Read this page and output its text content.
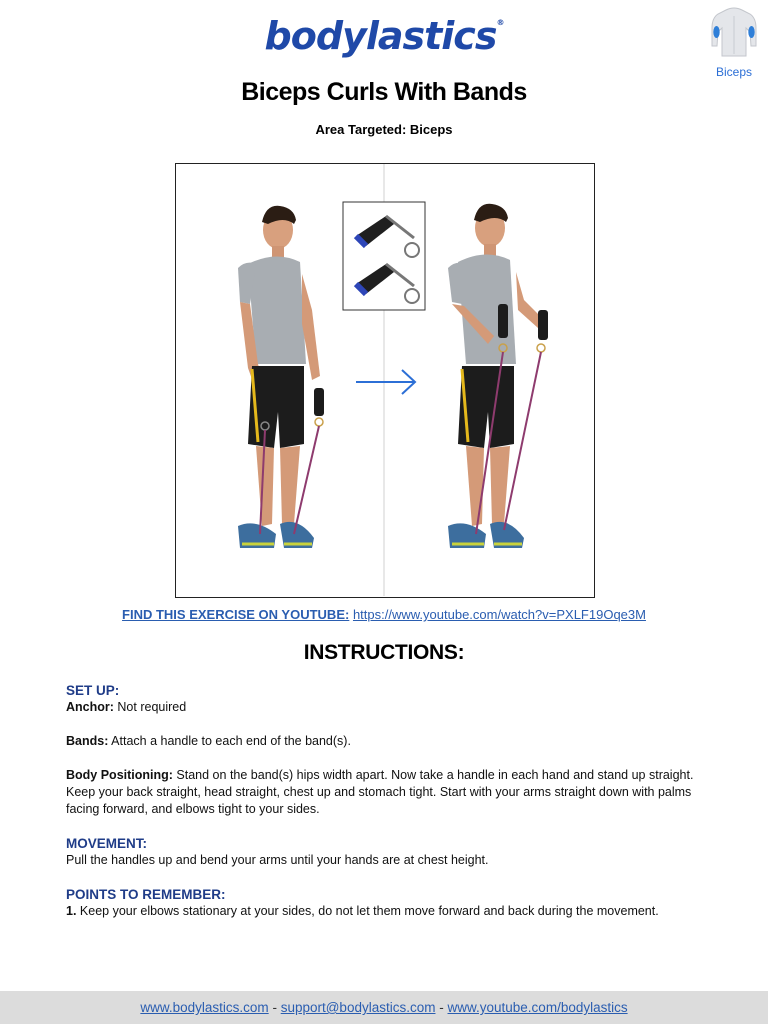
bodylastics®
Biceps
Biceps Curls With Bands
Area Targeted: Biceps
FIND THIS EXERCISE ON YOUTUBE: https://www.youtube.com/watch?v=PXLF19Oqe3M
INSTRUCTIONS:
SET UP:

Anchor: Not required

Bands: Attach a handle to each end of the band(s).

Body Positioning: Stand on the band(s) hips width apart. Now take a handle in each hand and stand up straight. Keep your back straight, head straight, chest up and stomach tight. Start with your arms straight down with palms facing forward, and elbows tight to your sides.

MOVEMENT:

Pull the handles up and bend your arms until your hands are at chest height.

POINTS TO REMEMBER:

1. Keep your elbows stationary at your sides, do not let them move forward and back during the movement.

www.bodylastics.com - support@bodylastics.com - www.youtube.com/bodylastics
